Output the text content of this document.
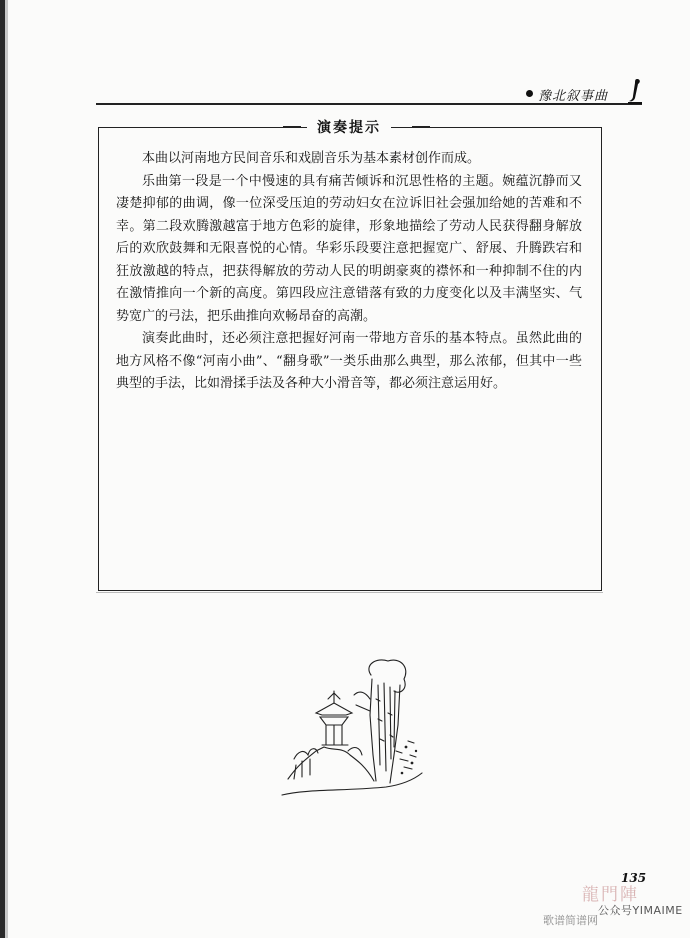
豫北叙事曲
演奏提示

本曲以河南地方民间音乐和戏剧音乐为基本素材创作而成。

乐曲第一段是一个中慢速的具有痛苦倾诉和沉思性格的主题。婉蕴沉静而又凄楚抑郁的曲调，像一位深受压迫的劳动妇女在泣诉旧社会强加给她的苦难和不幸。第二段欢腾激越富于地方色彩的旋律，形象地描绘了劳动人民获得翻身解放后的欢欣鼓舞和无限喜悦的心情。华彩乐段要注意把握宽广、舒展、升腾跌宕和狂放激越的特点，把获得解放的劳动人民的明朗豪爽的襟怀和一种抑制不住的内在激情推向一个新的高度。第四段应注意错落有致的力度变化以及丰满坚实、气势宽广的弓法，把乐曲推向欢畅昂奋的高潮。

演奏此曲时，还必须注意把握好河南一带地方音乐的基本特点。虽然此曲的地方风格不像“河南小曲”、“翻身歌”一类乐曲那么典型，那么浓郁，但其中一些典型的手法，比如滑揉手法及各种大小滑音等，都必须注意运用好。

135
龍門陣
公众号YIMAIME
歌谱简谱网
